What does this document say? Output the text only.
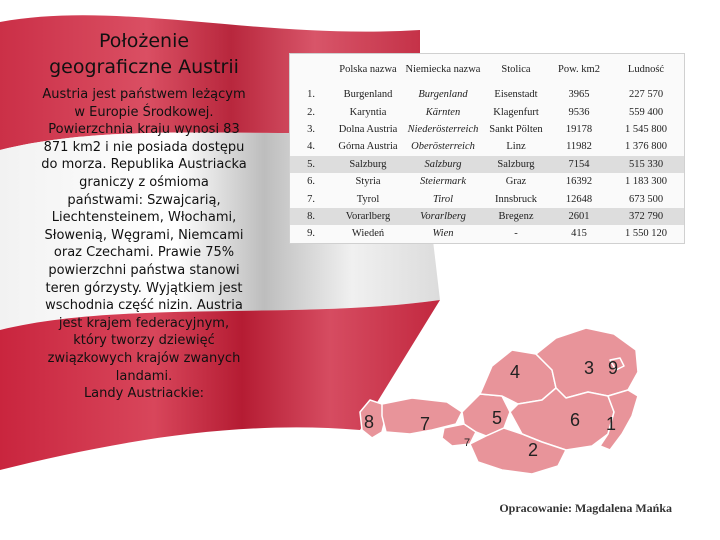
Położenie
geograficzne Austrii

Austria jest państwem leżącym
w Europie Środkowej.
Powierzchnia kraju wynosi 83
871 km2 i nie posiada dostępu
do morza. Republika Austriacka
graniczy z ośmioma
państwami: Szwajcarią,
Liechtensteinem, Włochami,
Słowenią, Węgrami, Niemcami
oraz Czechami. Prawie 75%
powierzchni państwa stanowi
teren górzysty. Wyjątkiem jest
wschodnia część nizin. Austria
jest krajem federacyjnym,
który tworzy dziewięć
związkowych krajów zwanych
landami.
Landy Austriackie:

	Polska nazwa	Niemiecka nazwa	Stolica	Pow. km2	Ludność
1.	Burgenland	Burgenland	Eisenstadt	3965	227 570
2.	Karyntia	Kärnten	Klagenfurt	9536	559 400
3.	Dolna Austria	Niederösterreich	Sankt Pölten	19178	1 545 800
4.	Górna Austria	Oberösterreich	Linz	11982	1 376 800
5.	Salzburg	Salzburg	Salzburg	7154	515 330
6.	Styria	Steiermark	Graz	16392	1 183 300
7.	Tyrol	Tirol	Innsbruck	12648	673 500
8.	Vorarlberg	Vorarlberg	Bregenz	2601	372 790
9.	Wiedeń	Wien	-	415	1 550 120
8	7
7
5
4	3 9
6 1
2
Opracowanie: Magdalena Mańka
